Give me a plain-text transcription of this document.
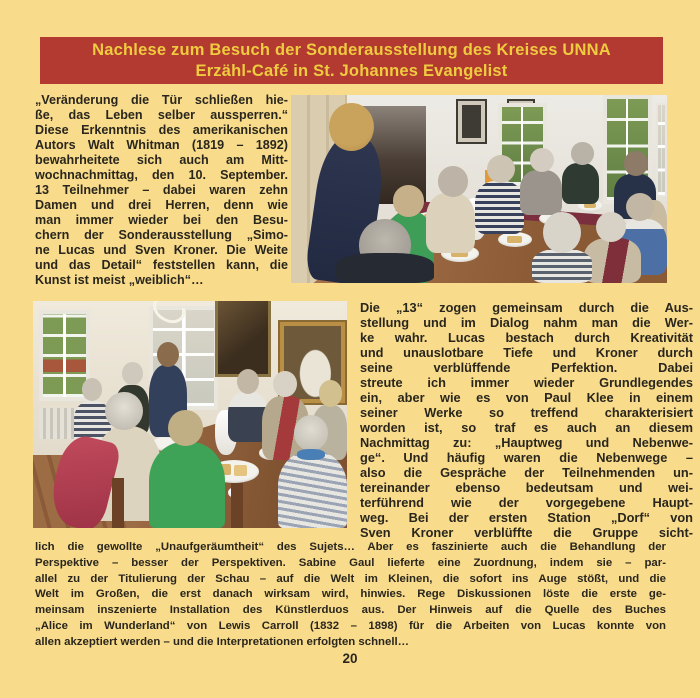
Nachlese zum Besuch der Sonderausstellung des Kreises UNNA
Erzähl-Café in St. Johannes Evangelist
„Veränderung die Tür schließen hie-
ße, das Leben selber aussperren.“
Diese Erkenntnis des amerikanischen
Autors Walt Whitman (1819 – 1892)
bewahrheitete sich auch am Mitt-
wochnachmittag, den 10. September.
13 Teilnehmer – dabei waren zehn
Damen und drei Herren, denn wie
man immer wieder bei den Besu-
chern der Sonderausstellung „Simo-
ne Lucas und Sven Kroner. Die Weite
und das Detail“ feststellen kann, die
Kunst ist meist „weiblich“…
Die „13“ zogen gemeinsam durch die Aus-
stellung und im Dialog nahm man die Wer-
ke wahr. Lucas bestach durch Kreativität
und unauslotbare Tiefe und Kroner durch
seine verblüffende Perfektion. Dabei
streute ich immer wieder Grundlegendes
ein, aber wie es von Paul Klee in einem
seiner Werke so treffend charakterisiert
worden ist, so traf es auch an diesem
Nachmittag zu: „Hauptweg und Nebenwe-
ge“. Und häufig waren die Nebenwege –
also die Gespräche der Teilnehmenden un-
tereinander ebenso bedeutsam und wei-
terführend wie der vorgegebene Haupt-
weg. Bei der ersten Station „Dorf“ von
Sven Kroner verblüffte die Gruppe sicht-
lich die gewollte „Unaufgeräumtheit“ des Sujets… Aber es faszinierte auch die Behandlung der
Perspektive – besser der Perspektiven. Sabine Gaul lieferte eine Zuordnung, indem sie – par-
allel zu der Titulierung der Schau – auf die Welt im Kleinen, die sofort ins Auge stößt, und die
Welt im Großen, die erst danach wirksam wird, hinwies. Rege Diskussionen löste die erste ge-
meinsam inszenierte Installation des Künstlerduos aus. Der Hinweis auf die Quelle des Buches
„Alice im Wunderland“ von Lewis Carroll (1832 – 1898) für die Arbeiten von Lucas konnte von
allen akzeptiert werden – und die Interpretationen erfolgten schnell…
20
